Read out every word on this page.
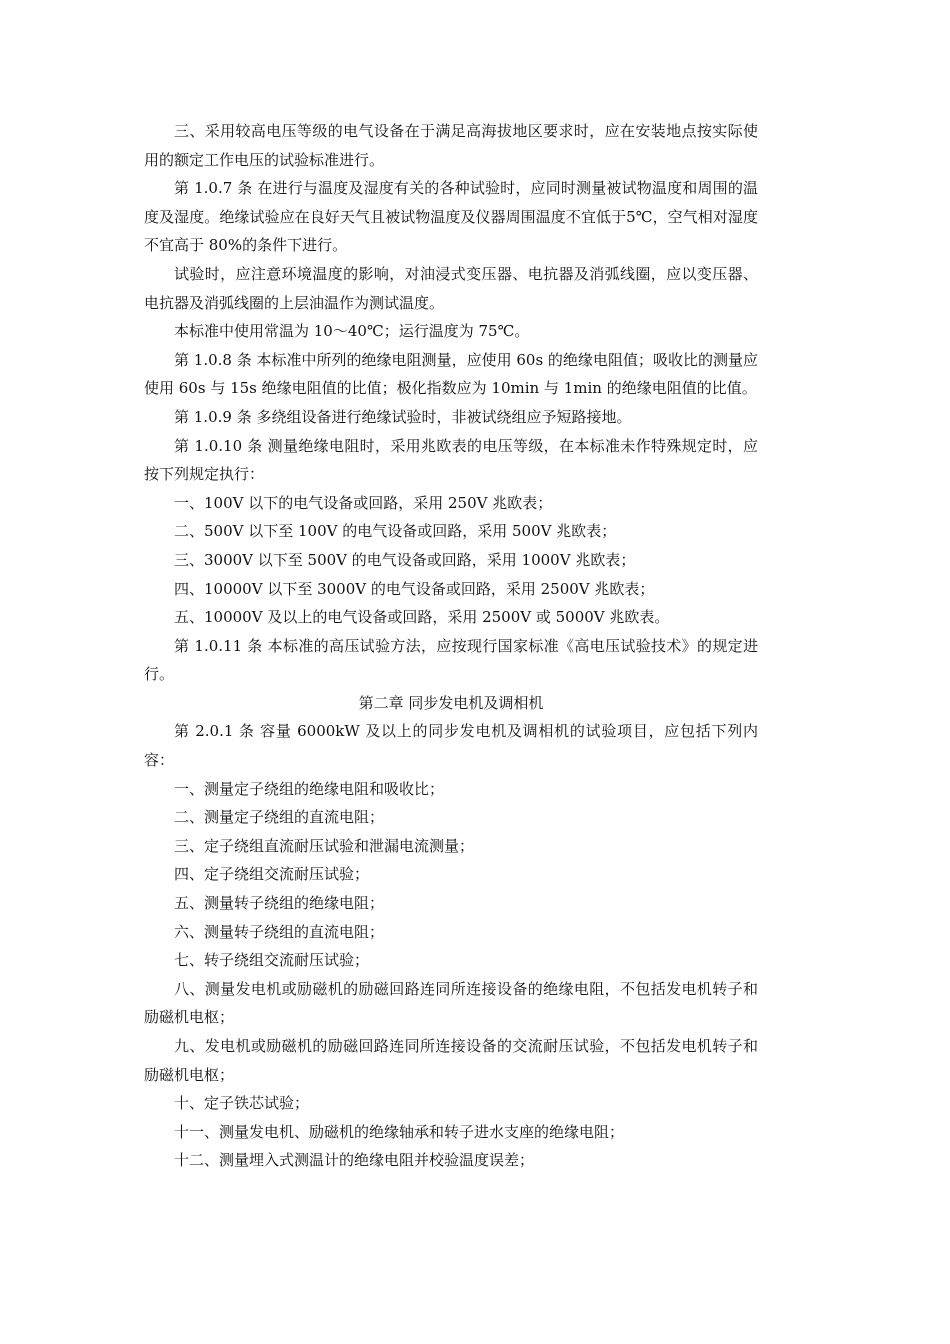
三、采用较高电压等级的电气设备在于满足高海拔地区要求时，应在安装地点按实际使用的额定工作电压的试验标准进行。

第 1.0.7 条 在进行与温度及湿度有关的各种试验时，应同时测量被试物温度和周围的温度及湿度。绝缘试验应在良好天气且被试物温度及仪器周围温度不宜低于5℃，空气相对湿度不宜高于 80%的条件下进行。

试验时，应注意环境温度的影响，对油浸式变压器、电抗器及消弧线圈，应以变压器、电抗器及消弧线圈的上层油温作为测试温度。

本标准中使用常温为 10～40℃；运行温度为 75℃。

第 1.0.8 条 本标准中所列的绝缘电阻测量，应使用 60s 的绝缘电阻值；吸收比的测量应使用 60s 与 15s 绝缘电阻值的比值；极化指数应为 10min 与 1min 的绝缘电阻值的比值。

第 1.0.9 条 多绕组设备进行绝缘试验时，非被试绕组应予短路接地。

第 1.0.10 条 测量绝缘电阻时，采用兆欧表的电压等级，在本标准未作特殊规定时，应按下列规定执行：

一、100V 以下的电气设备或回路，采用 250V 兆欧表；

二、500V 以下至 100V 的电气设备或回路，采用 500V 兆欧表；

三、3000V 以下至 500V 的电气设备或回路，采用 1000V 兆欧表；

四、10000V 以下至 3000V 的电气设备或回路，采用 2500V 兆欧表；

五、10000V 及以上的电气设备或回路，采用 2500V 或 5000V 兆欧表。

第 1.0.11 条 本标准的高压试验方法，应按现行国家标准《高电压试验技术》的规定进行。

第二章 同步发电机及调相机

第 2.0.1 条 容量 6000kW 及以上的同步发电机及调相机的试验项目，应包括下列内容：

一、测量定子绕组的绝缘电阻和吸收比；

二、测量定子绕组的直流电阻；

三、定子绕组直流耐压试验和泄漏电流测量；

四、定子绕组交流耐压试验；

五、测量转子绕组的绝缘电阻；

六、测量转子绕组的直流电阻；

七、转子绕组交流耐压试验；

八、测量发电机或励磁机的励磁回路连同所连接设备的绝缘电阻，不包括发电机转子和励磁机电枢；

九、发电机或励磁机的励磁回路连同所连接设备的交流耐压试验，不包括发电机转子和励磁机电枢；

十、定子铁芯试验；

十一、测量发电机、励磁机的绝缘轴承和转子进水支座的绝缘电阻；

十二、测量埋入式测温计的绝缘电阻并校验温度误差；
